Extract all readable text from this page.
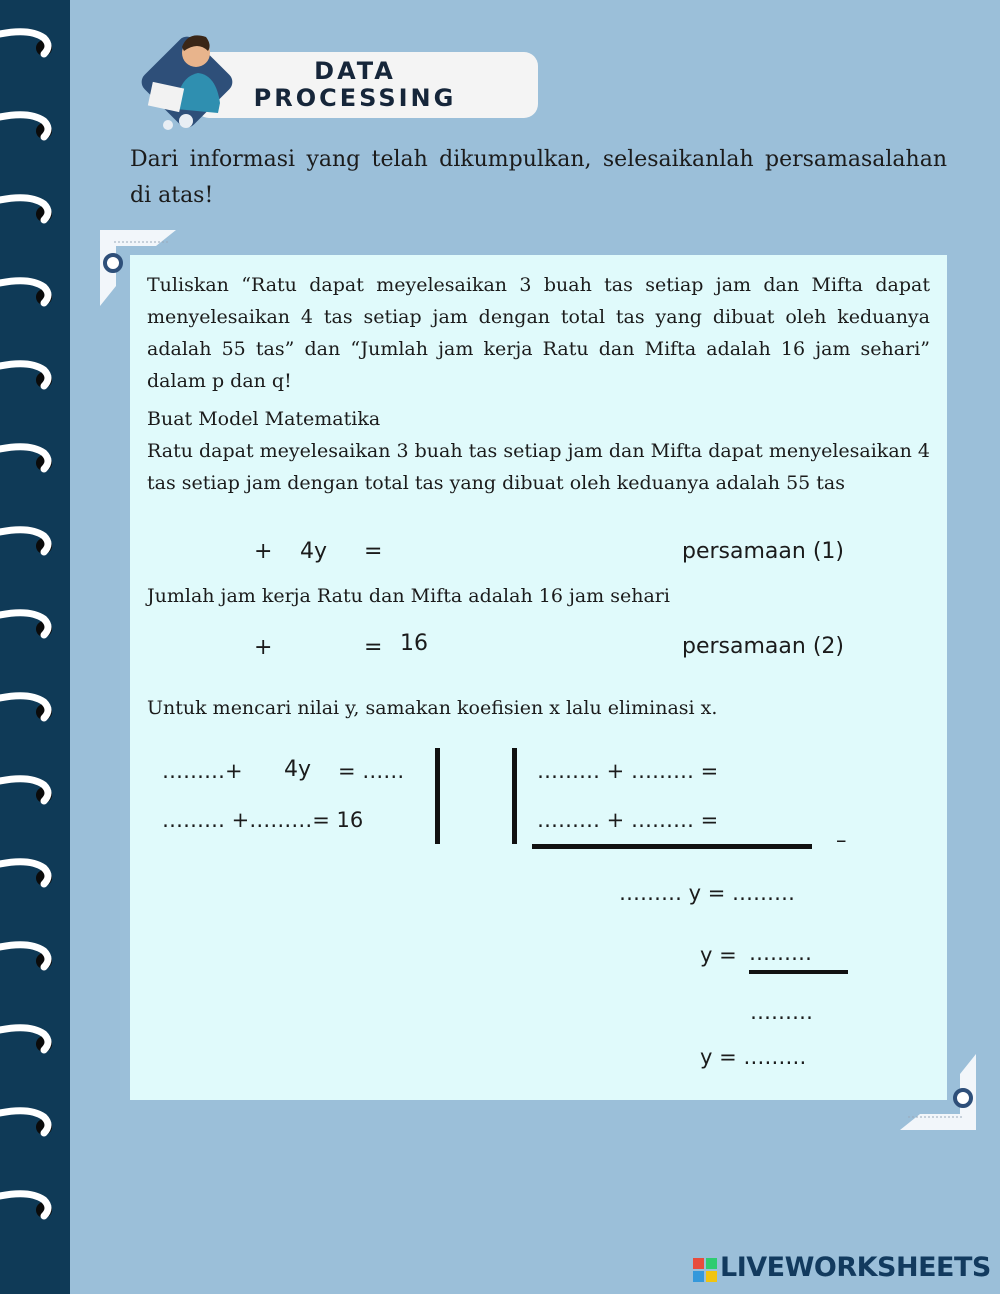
DATA
PROCESSING
Dari informasi yang telah dikumpulkan, selesaikanlah persamasalahan di atas!

Tuliskan “Ratu dapat meyelesaikan 3 buah tas setiap jam dan Mifta dapat menyelesaikan 4 tas setiap jam dengan total tas yang dibuat oleh keduanya adalah 55 tas” dan “Jumlah jam kerja Ratu dan Mifta adalah 16 jam sehari” dalam p dan q!

Buat Model Matematika

Ratu dapat meyelesaikan 3 buah tas setiap jam dan Mifta dapat menyelesaikan 4 tas setiap jam dengan total tas yang dibuat oleh keduanya adalah 55 tas

+ 4y =	persamaan (1)

Jumlah jam kerja Ratu dan Mifta adalah 16 jam sehari

+	= 16	persamaan (2)

Untuk mencari nilai y, samakan koefisien x lalu eliminasi x.

………+ 4y = ……
……… +………= 16
……… + ……… =
……… + ……… =
–
……… y = ………
y = ………
………
y = ………
LIVEWORKSHEETS
